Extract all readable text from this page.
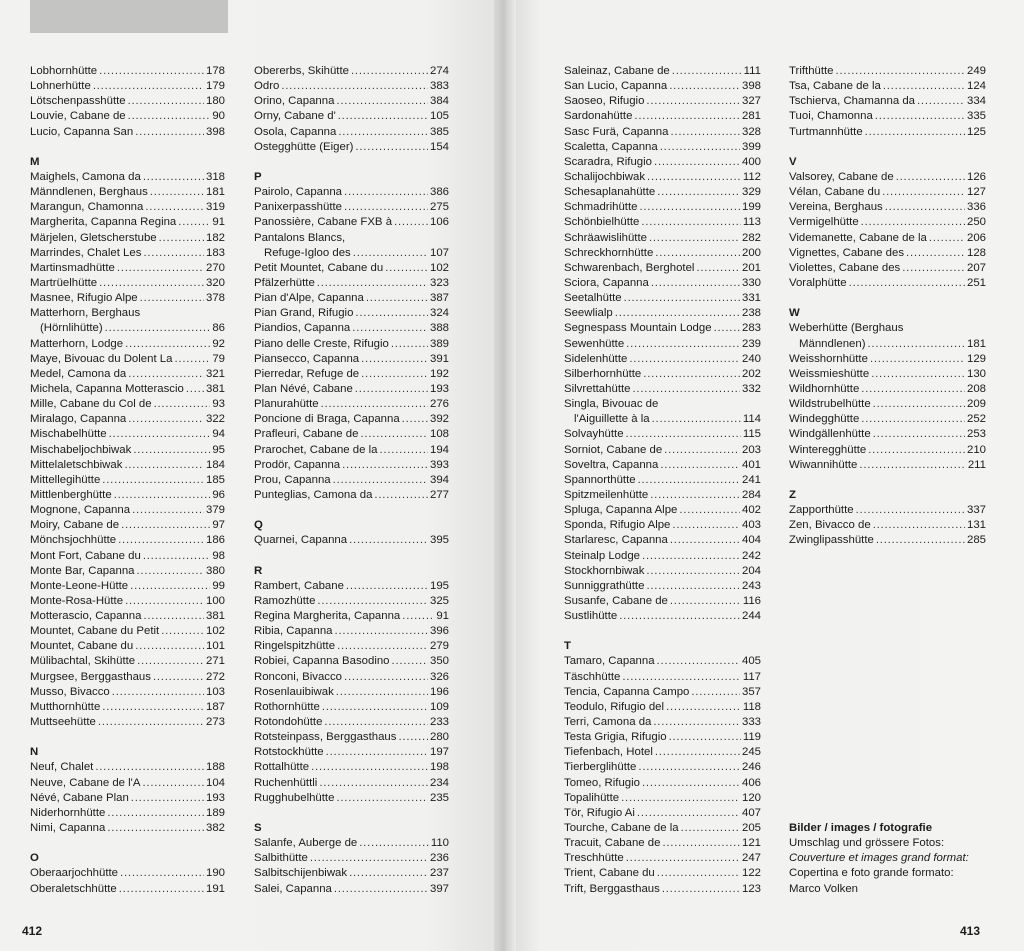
Lobhornhütte . . .	178
Lohnerhütte . . .	179
Lötschenpasshütte . . .	180
Louvie, Cabane de . . .	90
Lucio, Capanna San . . .	398
M
Maighels, Camona da . . .	318
Männdlenen, Berghaus . . .	181
Marangun, Chamonna . . .	319
Margherita, Capanna Regina . . .	91
Märjelen, Gletscherstube . . .	182
Marrindes, Chalet Les . . .	183
Martinsmadhütte . . .	270
Martrüelhütte . . .	320
Masnee, Rifugio Alpe . . .	378
Matterhorn, Berghaus
(Hörnlihütte) . . .	86
Matterhorn, Lodge . . .	92
Maye, Bivouac du Dolent La . . .	79
Medel, Camona da . . .	321
Michela, Capanna Motterascio . . . 381
Mille, Cabane du Col de . . .	93
Miralago, Capanna . . .	322
Mischabelhütte . . .	94
Mischabeljochbiwak . . .	95
Mittelaletschbiwak . . .	184
Mittellegihütte . . .	185
Mittlenberghütte . . .	96
Mognone, Capanna . . .	379
Moiry, Cabane de . . .	97
Mönchsjochhütte . . .	186
Mont Fort, Cabane du . . .	98
Monte Bar, Capanna . . .	380
Monte-Leone-Hütte . . .	99
Monte-Rosa-Hütte . . .	100
Motterascio, Capanna . . .	381
Mountet, Cabane du Petit . . .	102
Mountet, Cabane du . . .	101
Mülibachtal, Skihütte . . .	271
Murgsee, Berggasthaus . . .	272
Musso, Bivacco . . .	103
Mutthornhütte . . .	187
Muttseehütte . . .	273
N
Neuf, Chalet . . .	188
Neuve, Cabane de l'A . . .	104
Névé, Cabane Plan . . .	193
Niderhornhütte . . .	189
Nimi, Capanna . . .	382
O
Oberaarjochhütte . . .	190
Oberaletschhütte . . .	191
Obererbs, Skihütte . . .	274
Odro . . .	383
Orino, Capanna . . .	384
Orny, Cabane d' . . .	105
Osola, Capanna . . .	385
Ostegghütte (Eiger) . . .	154
P
Pairolo, Capanna . . .	386
Panixerpasshütte . . .	275
Panossière, Cabane FXB à . . .	106
Pantalons Blancs,
Refuge-Igloo des . . .	107
Petit Mountet, Cabane du . . .	102
Pfälzerhütte . . .	323
Pian d'Alpe, Capanna . . .	387
Pian Grand, Rifugio . . .	324
Piandios, Capanna . . .	388
Piano delle Creste, Rifugio . . .	389
Piansecco, Capanna . . .	391
Pierredar, Refuge de . . .	192
Plan Névé, Cabane . . .	193
Planurahütte . . .	276
Poncione di Braga, Capanna . . .	392
Prafleuri, Cabane de . . .	108
Prarochet, Cabane de la . . .	194
Prodör, Capanna . . .	393
Prou, Capanna . . .	394
Punteglias, Camona da . . .	277
Q
Quarnei, Capanna . . .	395
R
Rambert, Cabane . . .	195
Ramozhütte . . .	325
Regina Margherita, Capanna . . .	91
Ribia, Capanna . . .	396
Ringelspitzhütte . . .	279
Robiei, Capanna Basodino . . .	350
Ronconi, Bivacco . . .	326
Rosenlauibiwak . . .	196
Rothornhütte . . .	109
Rotondohütte . . .	233
Rotsteinpass, Berggasthaus . . .	280
Rotstockhütte . . .	197
Rottalhütte . . .	198
Ruchenhüttli . . .	234
Rugghubelhütte . . .	235
S
Salanfe, Auberge de . . .	110
Salbithütte . . .	236
Salbitschijenbiwak . . .	237
Salei, Capanna . . .	397
Saleinaz, Cabane de . . .	111
San Lucio, Capanna . . .	398
Saoseo, Rifugio . . .	327
Sardonahütte . . .	281
Sasc Furä, Capanna . . .	328
Scaletta, Capanna . . .	399
Scaradra, Rifugio . . .	400
Schalijochbiwak . . .	112
Schesaplanahütte . . .	329
Schmadrihütte . . .	199
Schönbielhütte . . .	113
Schräawislihütte . . .	282
Schreckhornhütte . . .	200
Schwarenbach, Berghotel . . .	201
Sciora, Capanna . . .	330
Seetalhütte . . .	331
Seewlialp . . .	238
Segnespass Mountain Lodge . . .	283
Sewenhütte . . .	239
Sidelenhütte . . .	240
Silberhornhütte . . .	202
Silvrettahütte . . .	332
Singla, Bivouac de
l'Aiguillette à la . . .	114
Solvayhütte . . .	115
Sorniot, Cabane de . . .	203
Soveltra, Capanna . . .	401
Spannorthütte . . .	241
Spitzmeilenhütte . . .	284
Spluga, Capanna Alpe . . .	402
Sponda, Rifugio Alpe . . .	403
Starlaresc, Capanna . . .	404
Steinalp Lodge . . .	242
Stockhornbiwak . . .	204
Sunniggrathütte . . .	243
Susanfe, Cabane de . . .	116
Sustlihütte . . .	244
T
Tamaro, Capanna . . .	405
Täschhütte . . .	117
Tencia, Capanna Campo . . .	357
Teodulo, Rifugio del . . .	118
Terri, Camona da . . .	333
Testa Grigia, Rifugio . . .	119
Tiefenbach, Hotel . . .	245
Tierberglihütte . . .	246
Tomeo, Rifugio . . .	406
Topalihütte . . .	120
Tör, Rifugio Ai . . .	407
Tourche, Cabane de la . . .	205
Tracuit, Cabane de . . .	121
Treschhütte . . .	247
Trient, Cabane du . . .	122
Trift, Berggasthaus . . .	123
Trifthütte . . .	249
Tsa, Cabane de la . . .	124
Tschierva, Chamanna da . . .	334
Tuoi, Chamonna . . .	335
Turtmannhütte . . .	125
V
Valsorey, Cabane de . . .	126
Vélan, Cabane du . . .	127
Vereina, Berghaus . . .	336
Vermigelhütte . . .	250
Videmanette, Cabane de la . . .	206
Vignettes, Cabane des . . .	128
Violettes, Cabane des . . .	207
Voralphütte . . .	251
W
Weberhütte (Berghaus
Männdlenen) . . .	181
Weisshornhütte . . .	129
Weissmieshütte . . .	130
Wildhornhütte . . .	208
Wildstrubelhütte . . .	209
Windegghütte . . .	252
Windgällenhütte . . .	253
Winteregghütte . . .	210
Wiwannihütte . . .	211
Z
Zapporthütte . . .	337
Zen, Bivacco de . . .	131
Zwinglipasshütte . . .	285
Bilder / images / fotografie
Umschlag und grössere Fotos:
Couverture et images grand format:
Copertina e foto grande formato:
Marco Volken
412	413
